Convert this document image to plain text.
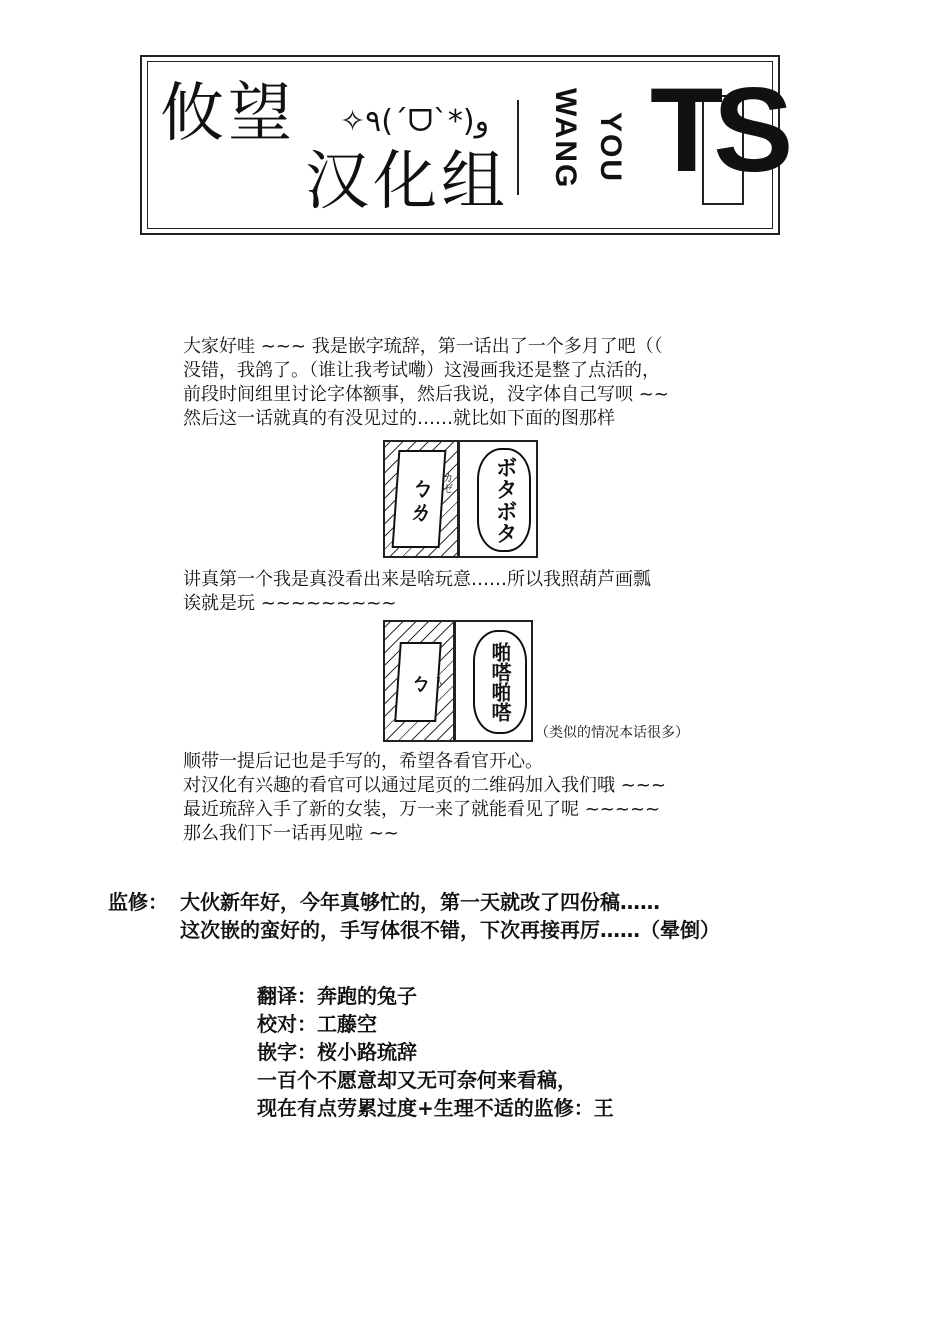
攸望 ✧٩(ˊᗜˋ*)و
汉化组 WANG YOU TS
大家好哇 ~~~ 我是嵌字琉辞，第一话出了一个多月了吧（（
没错，我鸽了。（谁让我考试嘞）这漫画我还是整了点活的，
前段时间组里讨论字体额事，然后我说，没字体自己写呗 ~~
然后这一话就真的有没见过的……就比如下面的图那样
ㄅㄌ カゼ ボタボタ
讲真第一个我是真没看出来是啥玩意……所以我照葫芦画瓢
诶就是玩 ~~~~~~~~~
ㄅ ㄟ 啪嗒啪嗒
（类似的情况本话很多）
顺带一提后记也是手写的，希望各看官开心。
对汉化有兴趣的看官可以通过尾页的二维码加入我们哦 ~~~
最近琉辞入手了新的女装，万一来了就能看见了呢 ~~~~~
那么我们下一话再见啦 ~~
监修： 大伙新年好，今年真够忙的，第一天就改了四份稿……
这次嵌的蛮好的，手写体很不错，下次再接再厉……（晕倒）
翻译：奔跑的兔子
校对：工藤空
嵌字：桜小路琉辞
一百个不愿意却又无可奈何来看稿，
现在有点劳累过度+生理不适的监修：王
